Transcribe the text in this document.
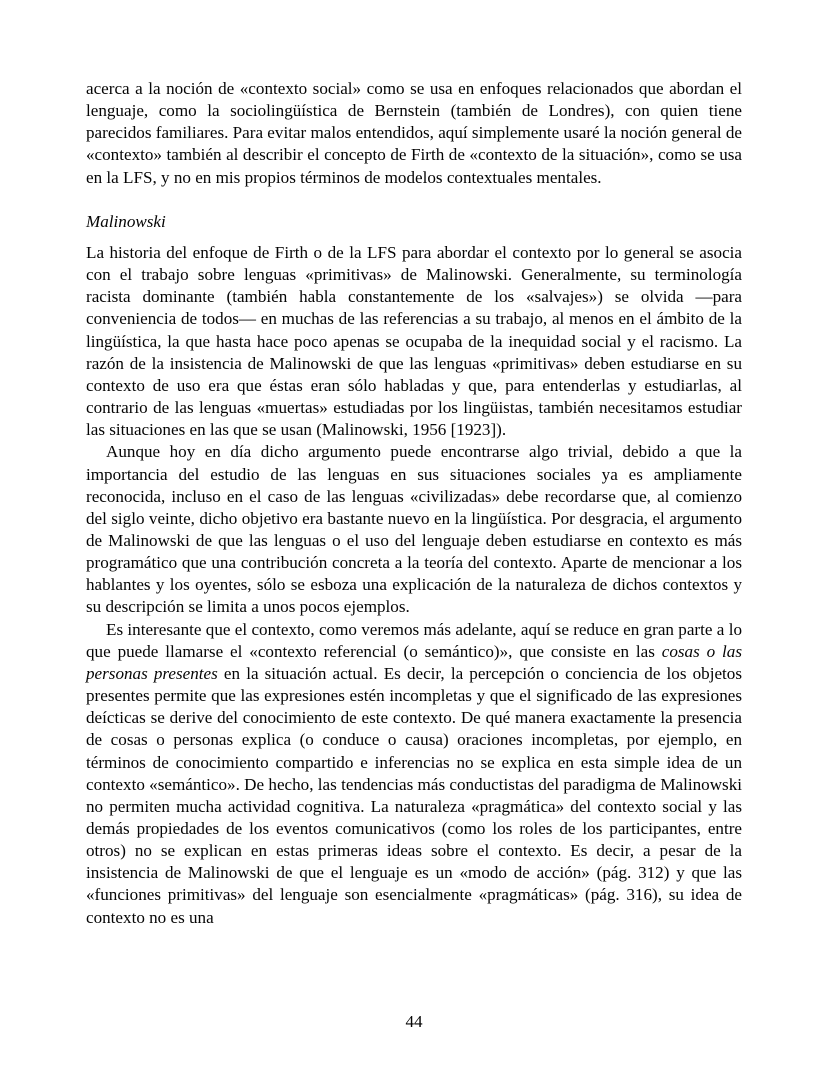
acerca a la noción de «contexto social» como se usa en enfoques relacionados que abordan el lenguaje, como la sociolingüística de Bernstein (también de Londres), con quien tiene parecidos familiares. Para evitar malos entendidos, aquí simplemente usaré la noción general de «contexto» también al describir el concepto de Firth de «contexto de la situación», como se usa en la LFS, y no en mis propios términos de modelos contextuales mentales.

Malinowski

La historia del enfoque de Firth o de la LFS para abordar el contexto por lo general se asocia con el trabajo sobre lenguas «primitivas» de Malinowski. Generalmente, su terminología racista dominante (también habla constantemente de los «salvajes») se olvida —para conveniencia de todos— en muchas de las referencias a su trabajo, al menos en el ámbito de la lingüística, la que hasta hace poco apenas se ocupaba de la inequidad social y el racismo. La razón de la insistencia de Malinowski de que las lenguas «primitivas» deben estudiarse en su contexto de uso era que éstas eran sólo habladas y que, para entenderlas y estudiarlas, al contrario de las lenguas «muertas» estudiadas por los lingüistas, también necesitamos estudiar las situaciones en las que se usan (Malinowski, 1956 [1923]).

Aunque hoy en día dicho argumento puede encontrarse algo trivial, debido a que la importancia del estudio de las lenguas en sus situaciones sociales ya es ampliamente reconocida, incluso en el caso de las lenguas «civilizadas» debe recordarse que, al comienzo del siglo veinte, dicho objetivo era bastante nuevo en la lingüística. Por desgracia, el argumento de Malinowski de que las lenguas o el uso del lenguaje deben estudiarse en contexto es más programático que una contribución concreta a la teoría del contexto. Aparte de mencionar a los hablantes y los oyentes, sólo se esboza una explicación de la naturaleza de dichos contextos y su descripción se limita a unos pocos ejemplos.

Es interesante que el contexto, como veremos más adelante, aquí se reduce en gran parte a lo que puede llamarse el «contexto referencial (o semántico)», que consiste en las cosas o las personas presentes en la situación actual. Es decir, la percepción o conciencia de los objetos presentes permite que las expresiones estén incompletas y que el significado de las expresiones deícticas se derive del conocimiento de este contexto. De qué manera exactamente la presencia de cosas o personas explica (o conduce o causa) oraciones incompletas, por ejemplo, en términos de conocimiento compartido e inferencias no se explica en esta simple idea de un contexto «semántico». De hecho, las tendencias más conductistas del paradigma de Malinowski no permiten mucha actividad cognitiva. La naturaleza «pragmática» del contexto social y las demás propiedades de los eventos comunicativos (como los roles de los participantes, entre otros) no se explican en estas primeras ideas sobre el contexto. Es decir, a pesar de la insistencia de Malinowski de que el lenguaje es un «modo de acción» (pág. 312) y que las «funciones primitivas» del lenguaje son esencialmente «pragmáticas» (pág. 316), su idea de contexto no es una

44
